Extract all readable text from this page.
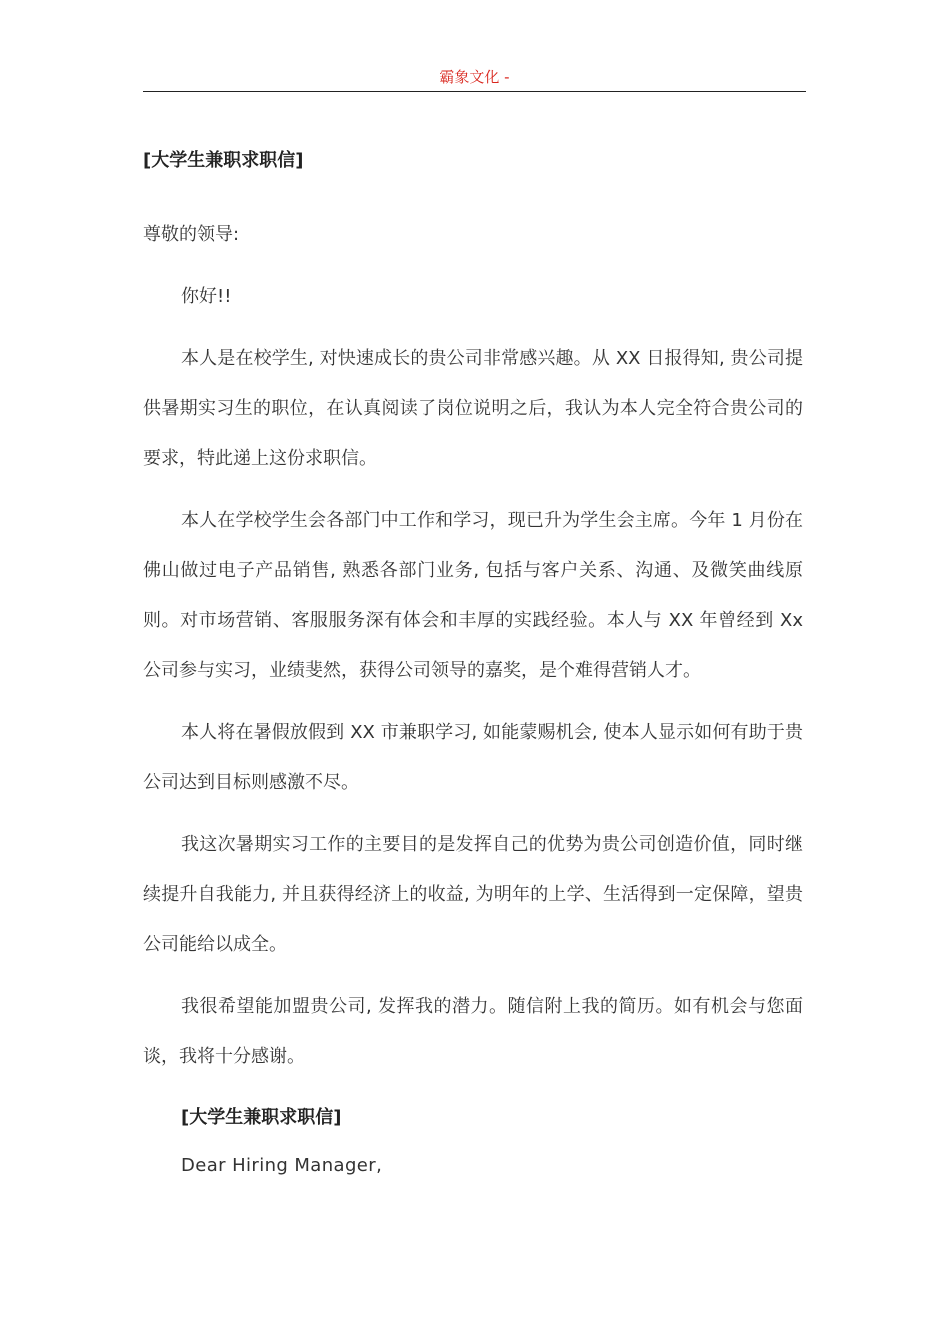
霸象文化 -

[大学生兼职求职信]

尊敬的领导:

你好!!

本人是在校学生, 对快速成长的贵公司非常感兴趣。从 XX 日报得知, 贵公司提供暑期实习生的职位，在认真阅读了岗位说明之后，我认为本人完全符合贵公司的要求，特此递上这份求职信。

本人在学校学生会各部门中工作和学习，现已升为学生会主席。今年 1 月份在佛山做过电子产品销售, 熟悉各部门业务, 包括与客户关系、沟通、及微笑曲线原则。对市场营销、客服服务深有体会和丰厚的实践经验。本人与 XX 年曾经到 Xx 公司参与实习，业绩斐然，获得公司领导的嘉奖，是个难得营销人才。

本人将在暑假放假到 XX 市兼职学习, 如能蒙赐机会, 使本人显示如何有助于贵公司达到目标则感激不尽。

我这次暑期实习工作的主要目的是发挥自己的优势为贵公司创造价值，同时继续提升自我能力, 并且获得经济上的收益, 为明年的上学、生活得到一定保障，望贵公司能给以成全。

我很希望能加盟贵公司, 发挥我的潜力。随信附上我的简历。如有机会与您面谈，我将十分感谢。

[大学生兼职求职信]

Dear Hiring Manager,
